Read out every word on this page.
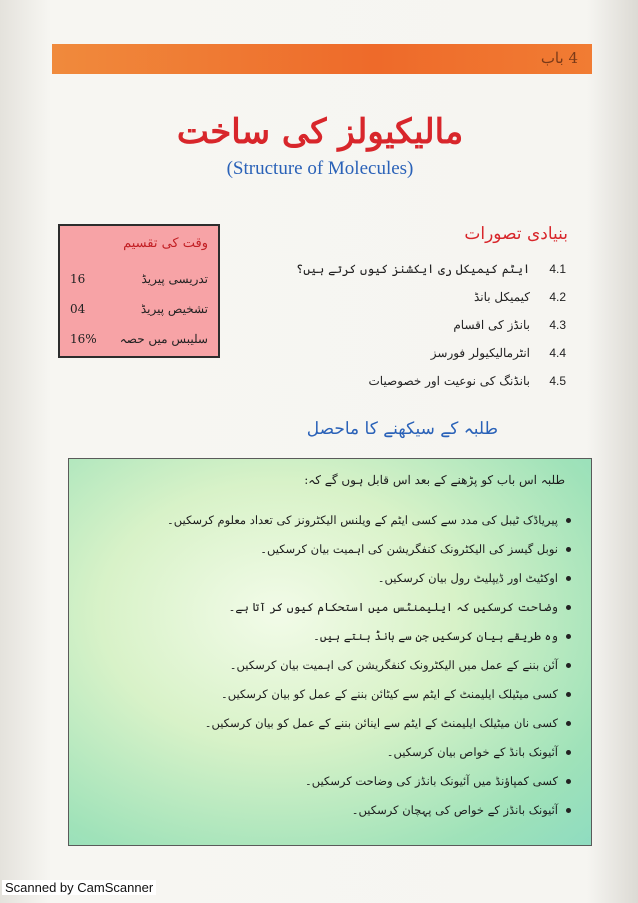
4 باب
مالیکیولز کی ساخت
(Structure of Molecules)
وقت کی تقسیم
16	تدریسی پیریڈ
04	تشخیص پیریڈ
16% سلیبس میں حصہ
بنیادی تصورات
4.1
ایٹم کیمیکل ری ایکشنز کیوں کرتے ہیں؟
4.2
کیمیکل بانڈ
4.3
بانڈز کی اقسام
4.4
انٹرمالیکیولر فورسز
4.5
بانڈنگ کی نوعیت اور خصوصیات
طلبہ کے سیکھنے کا ماحصل
طلبہ اس باب کو پڑھنے کے بعد اس قابل ہوں گے کہ:
پیریاڈک ٹیبل کی مدد سے کسی ایٹم کے ویلنس الیکٹرونز کی تعداد معلوم کرسکیں۔
نوبل گیسز کی الیکٹرونک کنفگریشن کی اہمیت بیان کرسکیں۔
اوکٹیٹ اور ڈیپلیٹ رول بیان کرسکیں۔
وضاحت کرسکیں کہ ایلیمنٹس میں استحکام کیوں کر آتا ہے۔
وہ طریقے بیان کرسکیں جن سے بانڈ بنتے ہیں۔
آئن بننے کے عمل میں الیکٹرونک کنفگریشن کی اہمیت بیان کرسکیں۔
کسی میٹیلک ایلیمنٹ کے ایٹم سے کیٹائن بننے کے عمل کو بیان کرسکیں۔
کسی نان میٹیلک ایلیمنٹ کے ایٹم سے اینائن بننے کے عمل کو بیان کرسکیں۔
آئیونک بانڈ کے خواص بیان کرسکیں۔
کسی کمپاؤنڈ میں آئیونک بانڈز کی وضاحت کرسکیں۔
آئیونک بانڈز کے خواص کی پہچان کرسکیں۔
Scanned by CamScanner
